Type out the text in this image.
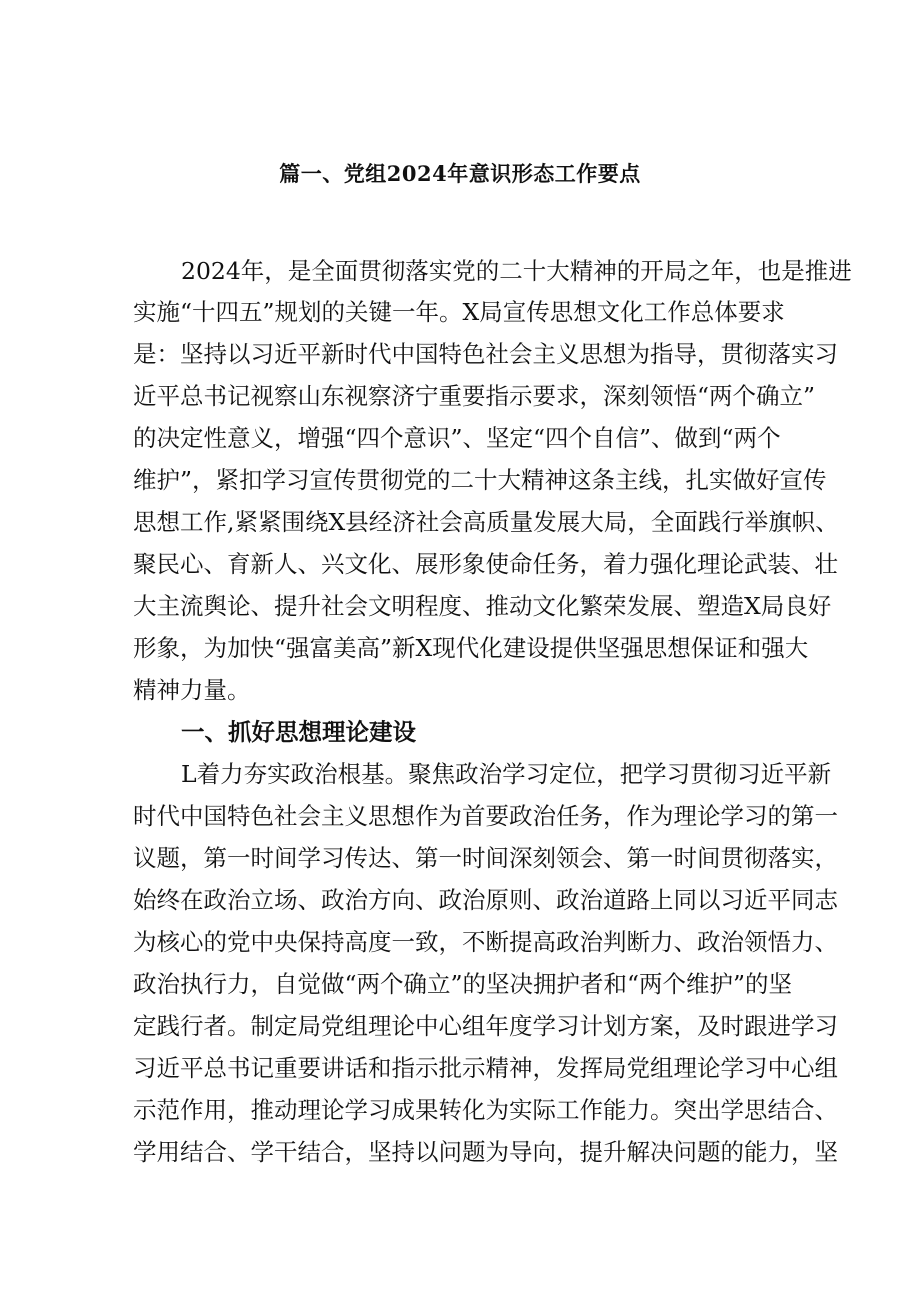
篇一、党组2024年意识形态工作要点
2024年，是全面贯彻落实党的二十大精神的开局之年，也是推进
实施“十四五”规划的关键一年。X局宣传思想文化工作总体要求
是：坚持以习近平新时代中国特色社会主义思想为指导，贯彻落实习
近平总书记视察山东视察济宁重要指示要求，深刻领悟“两个确立”
的决定性意义，增强“四个意识”、坚定“四个自信”、做到“两个
维护”，紧扣学习宣传贯彻党的二十大精神这条主线，扎实做好宣传
思想工作,紧紧围绕X县经济社会高质量发展大局，全面践行举旗帜、
聚民心、育新人、兴文化、展形象使命任务，着力强化理论武装、壮
大主流舆论、提升社会文明程度、推动文化繁荣发展、塑造X局良好
形象，为加快“强富美高”新X现代化建设提供坚强思想保证和强大
精神力量。
一、抓好思想理论建设
L着力夯实政治根基。聚焦政治学习定位，把学习贯彻习近平新
时代中国特色社会主义思想作为首要政治任务，作为理论学习的第一
议题，第一时间学习传达、第一时间深刻领会、第一时间贯彻落实，
始终在政治立场、政治方向、政治原则、政治道路上同以习近平同志
为核心的党中央保持高度一致，不断提高政治判断力、政治领悟力、
政治执行力，自觉做“两个确立”的坚决拥护者和“两个维护”的坚
定践行者。制定局党组理论中心组年度学习计划方案，及时跟进学习
习近平总书记重要讲话和指示批示精神，发挥局党组理论学习中心组
示范作用，推动理论学习成果转化为实际工作能力。突出学思结合、
学用结合、学干结合，坚持以问题为导向，提升解决问题的能力，坚
